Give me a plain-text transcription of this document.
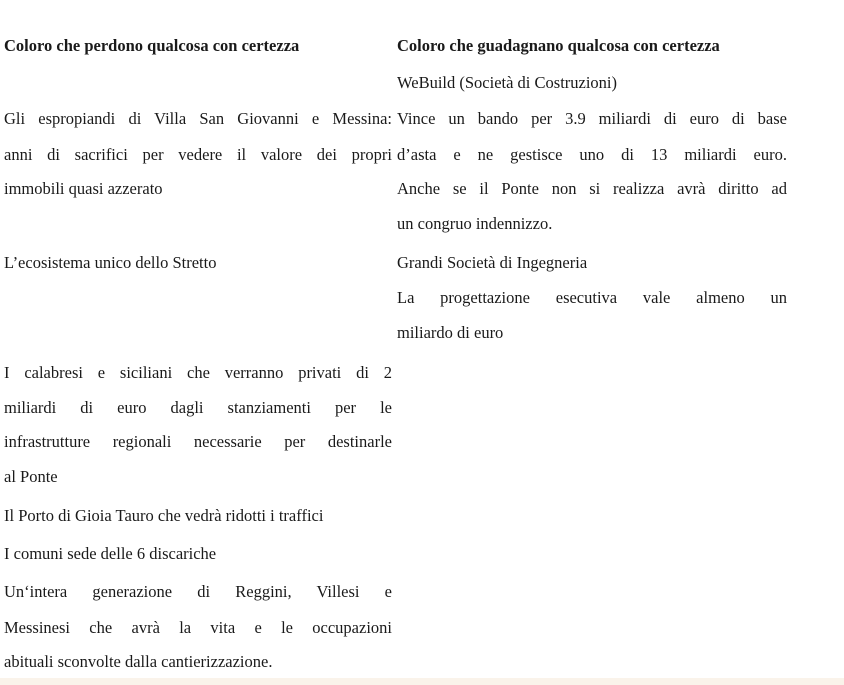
Coloro che perdono qualcosa con certezza	Coloro che guadagnano qualcosa con certezza
Gli espropiandi di Villa San Giovanni e Messina:
anni di sacrifici per vedere il valore dei propri
immobili quasi azzerato
L’ecosistema unico dello Stretto
I calabresi e siciliani che verranno privati di 2
miliardi di euro dagli stanziamenti per le
infrastrutture regionali necessarie per destinarle
al Ponte
Il Porto di Gioia Tauro che vedrà ridotti i traffici
I comuni sede delle 6 discariche
Un‘intera generazione di Reggini, Villesi e
Messinesi che avrà la vita e le occupazioni
abituali sconvolte dalla cantierizzazione.
WeBuild (Società di Costruzioni)
Vince un bando per 3.9 miliardi di euro di base
d’asta e ne gestisce uno di 13 miliardi euro.
Anche se il Ponte non si realizza avrà diritto ad
un congruo indennizzo.
Grandi Società di Ingegneria
La progettazione esecutiva vale almeno un
miliardo di euro
